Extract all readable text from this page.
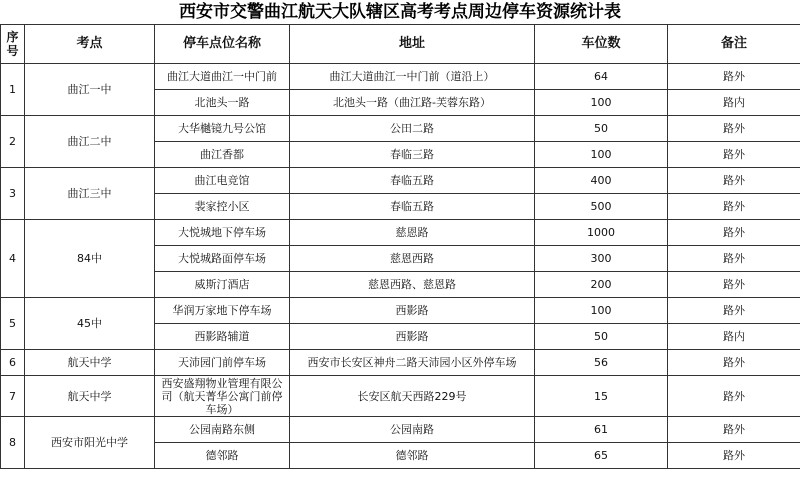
西安市交警曲江航天大队辖区高考考点周边停车资源统计表
序号	考点	停车点位名称	地址	车位数	备注
1	曲江一中	曲江大道曲江一中门前	曲江大道曲江一中门前（道沿上）	64	路外
		北池头一路	北池头一路（曲江路-芙蓉东路）	100	路内
2	曲江二中	大华樾镜九号公馆	公田二路	50	路外
		曲江香都	春临三路	100	路外
3	曲江三中	曲江电竞馆	春临五路	400	路外
		裴家控小区	春临五路	500	路外
4	84中	大悦城地下停车场	慈恩路	1000	路外
		大悦城路面停车场	慈恩西路	300	路外
		威斯汀酒店	慈恩西路、慈恩路	200	路外
5	45中	华润万家地下停车场	西影路	100	路外
		西影路辅道	西影路	50	路内
6	航天中学	天沛园门前停车场	西安市长安区神舟二路天沛园小区外停车场	56	路外
7	航天中学	西安盛翔物业管理有限公司（航天菁华公寓门前停车场）	长安区航天西路229号	15	路外
8	西安市阳光中学	公园南路东侧	公园南路	61	路外
		德邻路	德邻路	65	路外
